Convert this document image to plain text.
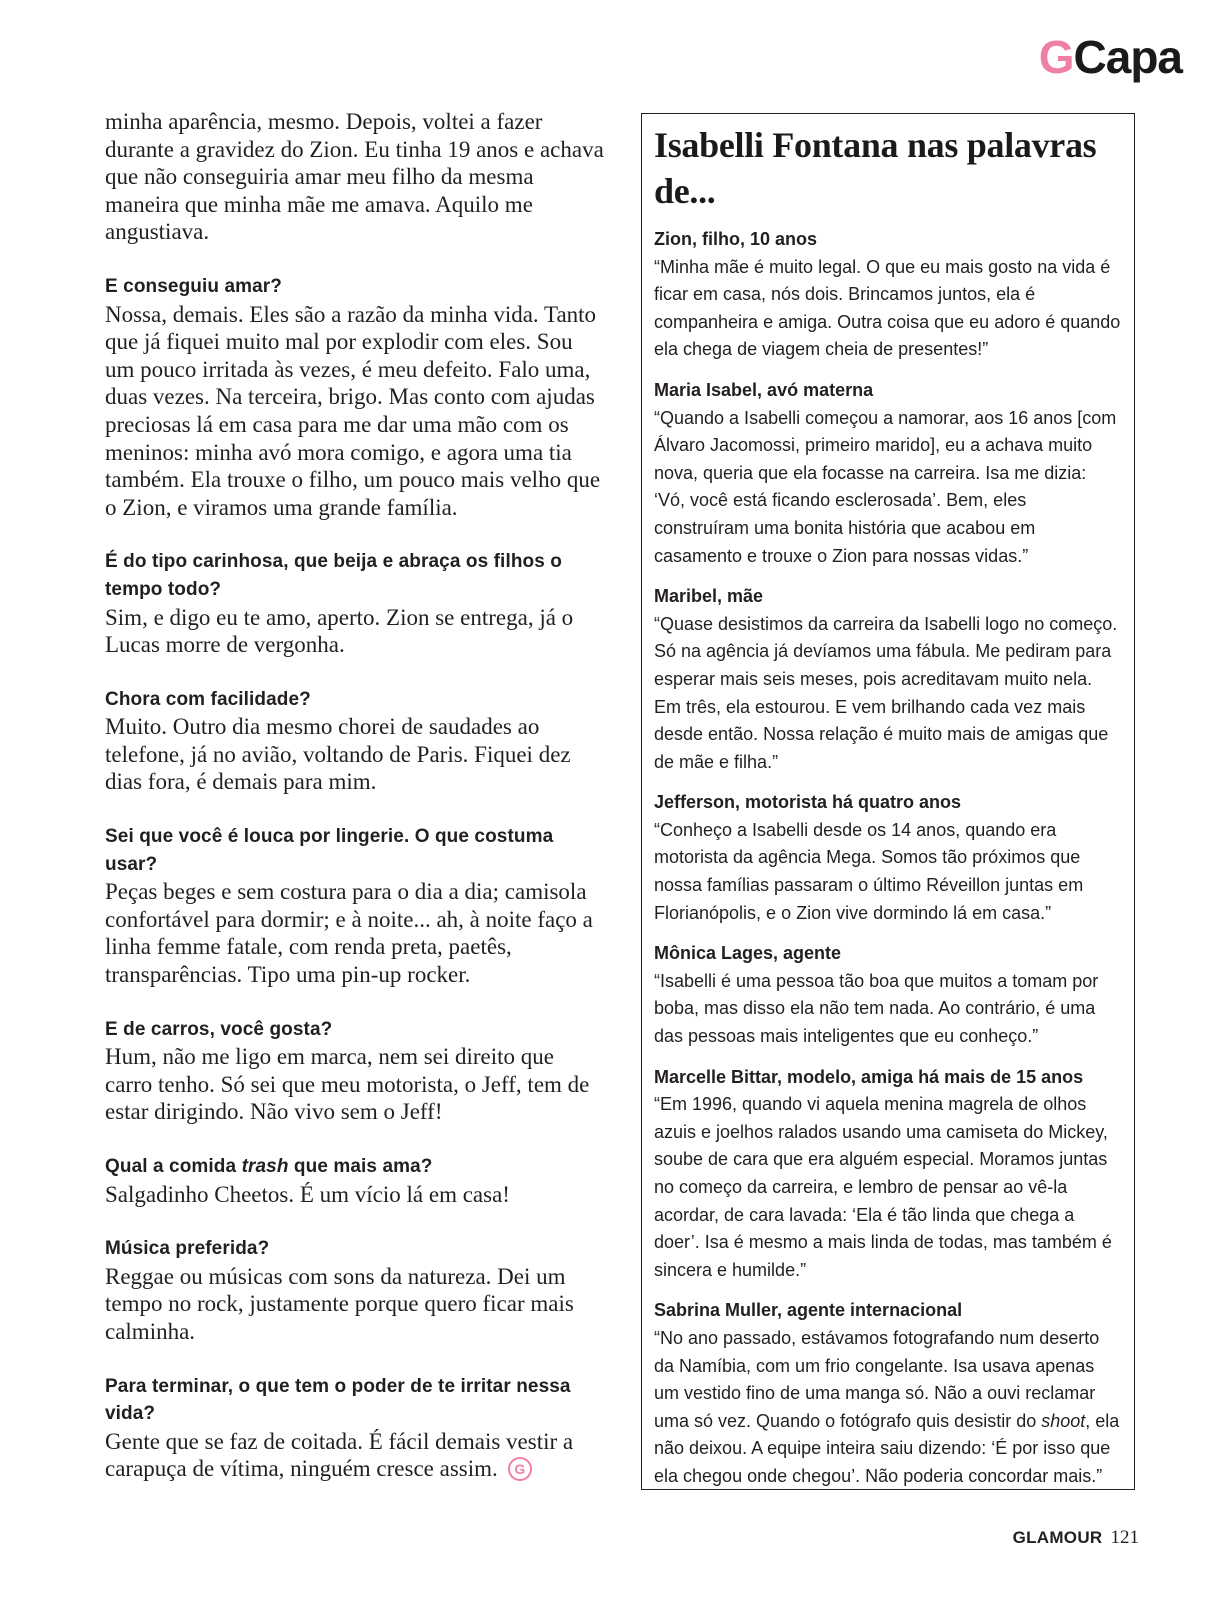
GCapa

minha aparência, mesmo. Depois, voltei a fazer durante a gravidez do Zion. Eu tinha 19 anos e achava que não conseguiria amar meu filho da mesma maneira que minha mãe me amava. Aquilo me angustiava.

E conseguiu amar?
Nossa, demais. Eles são a razão da minha vida. Tanto que já fiquei muito mal por explodir com eles. Sou um pouco irritada às vezes, é meu defeito. Falo uma, duas vezes. Na terceira, brigo. Mas conto com ajudas preciosas lá em casa para me dar uma mão com os meninos: minha avó mora comigo, e agora uma tia também. Ela trouxe o filho, um pouco mais velho que o Zion, e viramos uma grande família.

É do tipo carinhosa, que beija e abraça os filhos o tempo todo?
Sim, e digo eu te amo, aperto. Zion se entrega, já o Lucas morre de vergonha.

Chora com facilidade?
Muito. Outro dia mesmo chorei de saudades ao telefone, já no avião, voltando de Paris. Fiquei dez dias fora, é demais para mim.

Sei que você é louca por lingerie. O que costuma usar?
Peças beges e sem costura para o dia a dia; camisola confortável para dormir; e à noite... ah, à noite faço a linha femme fatale, com renda preta, paetês, transparências. Tipo uma pin-up rocker.

E de carros, você gosta?
Hum, não me ligo em marca, nem sei direito que carro tenho. Só sei que meu motorista, o Jeff, tem de estar dirigindo. Não vivo sem o Jeff!

Qual a comida trash que mais ama?
Salgadinho Cheetos. É um vício lá em casa!

Música preferida?
Reggae ou músicas com sons da natureza. Dei um tempo no rock, justamente porque quero ficar mais calminha.

Para terminar, o que tem o poder de te irritar nessa vida?
Gente que se faz de coitada. É fácil demais vestir a carapuça de vítima, ninguém cresce assim. G

Isabelli Fontana nas palavras de...

Zion, filho, 10 anos
“Minha mãe é muito legal. O que eu mais gosto na vida é ficar em casa, nós dois. Brincamos juntos, ela é companheira e amiga. Outra coisa que eu adoro é quando ela chega de viagem cheia de presentes!”

Maria Isabel, avó materna
“Quando a Isabelli começou a namorar, aos 16 anos [com Álvaro Jacomossi, primeiro marido], eu a achava muito nova, queria que ela focasse na carreira. Isa me dizia: ‘Vó, você está ficando esclerosada’. Bem, eles construíram uma bonita história que acabou em casamento e trouxe o Zion para nossas vidas.”

Maribel, mãe
“Quase desistimos da carreira da Isabelli logo no começo. Só na agência já devíamos uma fábula. Me pediram para esperar mais seis meses, pois acreditavam muito nela. Em três, ela estourou. E vem brilhando cada vez mais desde então. Nossa relação é muito mais de amigas que de mãe e filha.”

Jefferson, motorista há quatro anos
“Conheço a Isabelli desde os 14 anos, quando era motorista da agência Mega. Somos tão próximos que nossa famílias passaram o último Réveillon juntas em Florianópolis, e o Zion vive dormindo lá em casa.”

Mônica Lages, agente
“Isabelli é uma pessoa tão boa que muitos a tomam por boba, mas disso ela não tem nada. Ao contrário, é uma das pessoas mais inteligentes que eu conheço.”

Marcelle Bittar, modelo, amiga há mais de 15 anos
“Em 1996, quando vi aquela menina magrela de olhos azuis e joelhos ralados usando uma camiseta do Mickey, soube de cara que era alguém especial. Moramos juntas no começo da carreira, e lembro de pensar ao vê-la acordar, de cara lavada: ‘Ela é tão linda que chega a doer’. Isa é mesmo a mais linda de todas, mas também é sincera e humilde.”

Sabrina Muller, agente internacional
“No ano passado, estávamos fotografando num deserto da Namíbia, com um frio congelante. Isa usava apenas um vestido fino de uma manga só. Não a ouvi reclamar uma só vez. Quando o fotógrafo quis desistir do shoot, ela não deixou. A equipe inteira saiu dizendo: ‘É por isso que ela chegou onde chegou’. Não poderia concordar mais.”

GLAMOUR 121
